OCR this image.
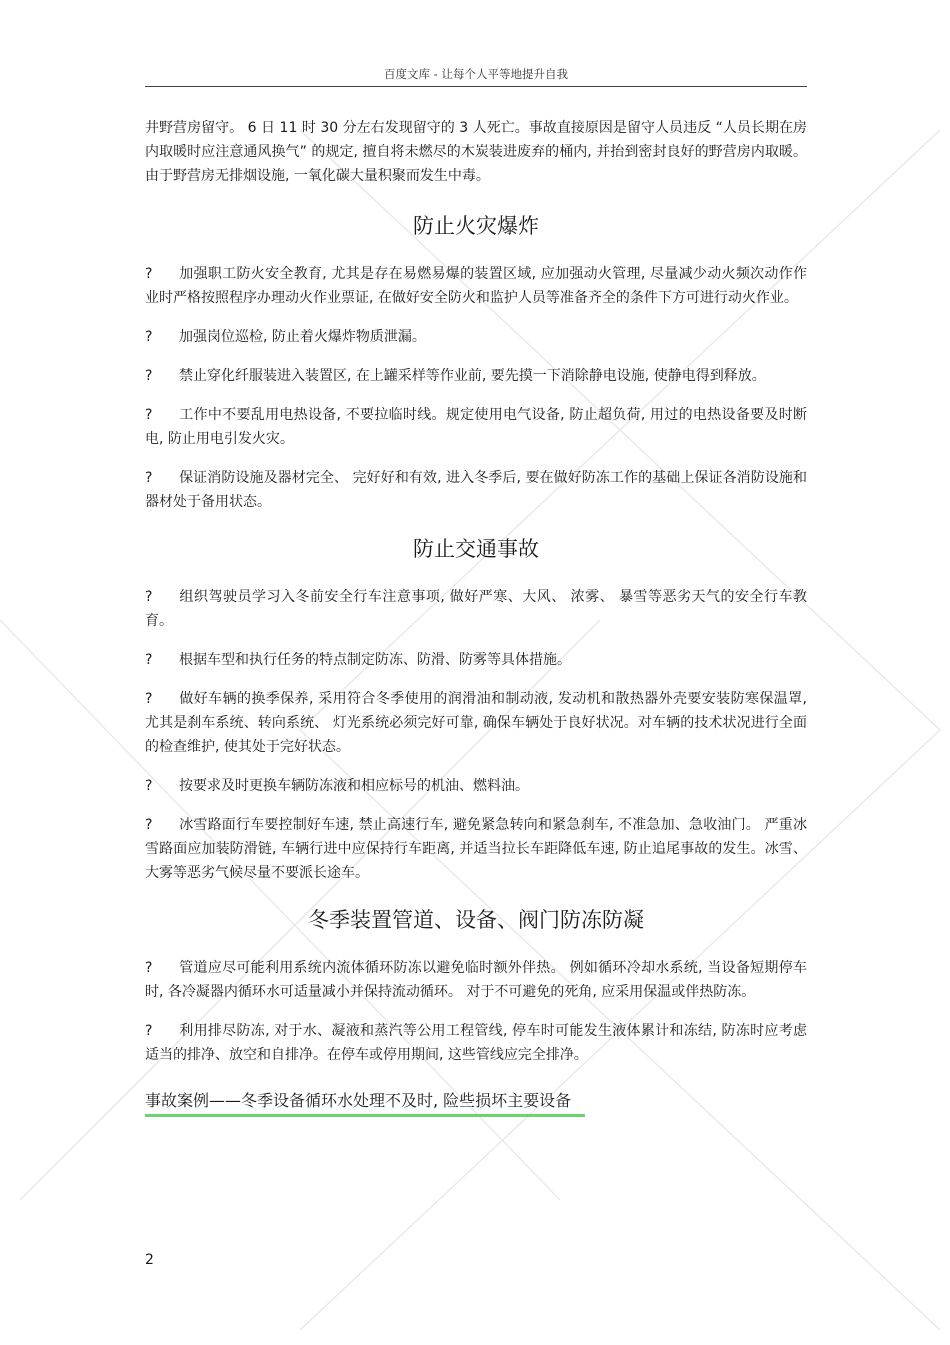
百度文库 - 让每个人平等地提升自我

井野营房留守。 6 日 11 时 30 分左右发现留守的 3 人死亡。事故直接原因是留守人员违反 “人员长期在房内取暖时应注意通风换气” 的规定, 擅自将未燃尽的木炭装进废弃的桶内, 并抬到密封良好的野营房内取暖。由于野营房无排烟设施, 一氧化碳大量积聚而发生中毒。

防止火灾爆炸

? 加强职工防火安全教育, 尤其是存在易燃易爆的装置区域, 应加强动火管理, 尽量减少动火频次动作作业时严格按照程序办理动火作业票证, 在做好安全防火和监护人员等准备齐全的条件下方可进行动火作业。

? 加强岗位巡检, 防止着火爆炸物质泄漏。

? 禁止穿化纤服装进入装置区, 在上罐采样等作业前, 要先摸一下消除静电设施, 使静电得到释放。

? 工作中不要乱用电热设备, 不要拉临时线。规定使用电气设备, 防止超负荷, 用过的电热设备要及时断电, 防止用电引发火灾。

? 保证消防设施及器材完全、 完好好和有效, 进入冬季后, 要在做好防冻工作的基础上保证各消防设施和器材处于备用状态。

防止交通事故

? 组织驾驶员学习入冬前安全行车注意事项, 做好严寒、大风、 浓雾、 暴雪等恶劣天气的安全行车教育。

? 根据车型和执行任务的特点制定防冻、防滑、防雾等具体措施。

? 做好车辆的换季保养, 采用符合冬季使用的润滑油和制动液, 发动机和散热器外壳要安装防寒保温罩, 尤其是刹车系统、转向系统、 灯光系统必须完好可靠, 确保车辆处于良好状况。对车辆的技术状况进行全面的检查维护, 使其处于完好状态。

? 按要求及时更换车辆防冻液和相应标号的机油、燃料油。

? 冰雪路面行车要控制好车速, 禁止高速行车, 避免紧急转向和紧急刹车, 不准急加、急收油门。 严重冰雪路面应加装防滑链, 车辆行进中应保持行车距离, 并适当拉长车距降低车速, 防止追尾事故的发生。冰雪、大雾等恶劣气候尽量不要派长途车。

冬季装置管道、设备、阀门防冻防凝

? 管道应尽可能利用系统内流体循环防冻以避免临时额外伴热。 例如循环冷却水系统, 当设备短期停车时, 各冷凝器内循环水可适量减小并保持流动循环。 对于不可避免的死角, 应采用保温或伴热防冻。

? 利用排尽防冻, 对于水、凝液和蒸汽等公用工程管线, 停车时可能发生液体累计和冻结, 防冻时应考虑适当的排净、放空和自排净。在停车或停用期间, 这些管线应完全排净。

事故案例——冬季设备循环水处理不及时, 险些损坏主要设备
2
